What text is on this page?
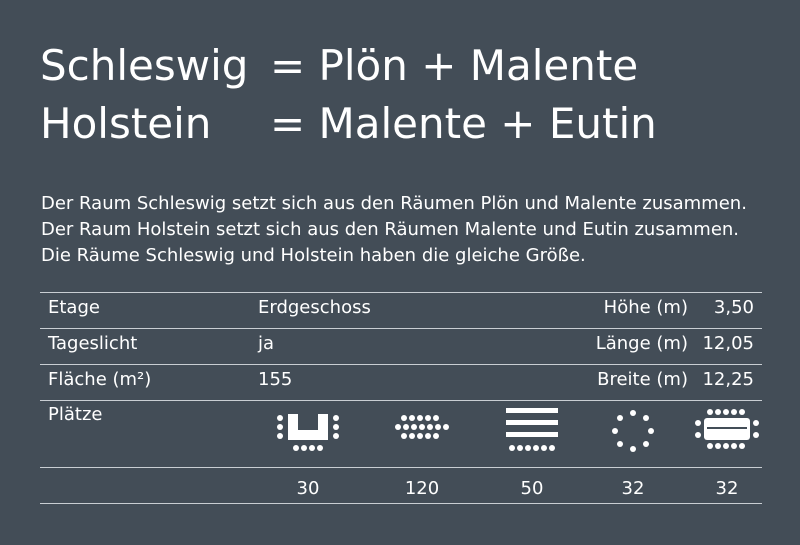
Schleswig = Plön + Malente
Holstein = Malente + Eutin

Der Raum Schleswig setzt sich aus den Räumen Plön und Malente zusammen. Der Raum Holstein setzt sich aus den Räumen Malente und Eutin zusammen. Die Räume Schleswig und Holstein haben die gleiche Größe.

Etage	Erdgeschoss	Höhe (m)	3,50
Tageslicht	ja	Länge (m) 12,05
Fläche (m²)	155	Breite (m) 12,25
Plätze
30	120	50	32	32
